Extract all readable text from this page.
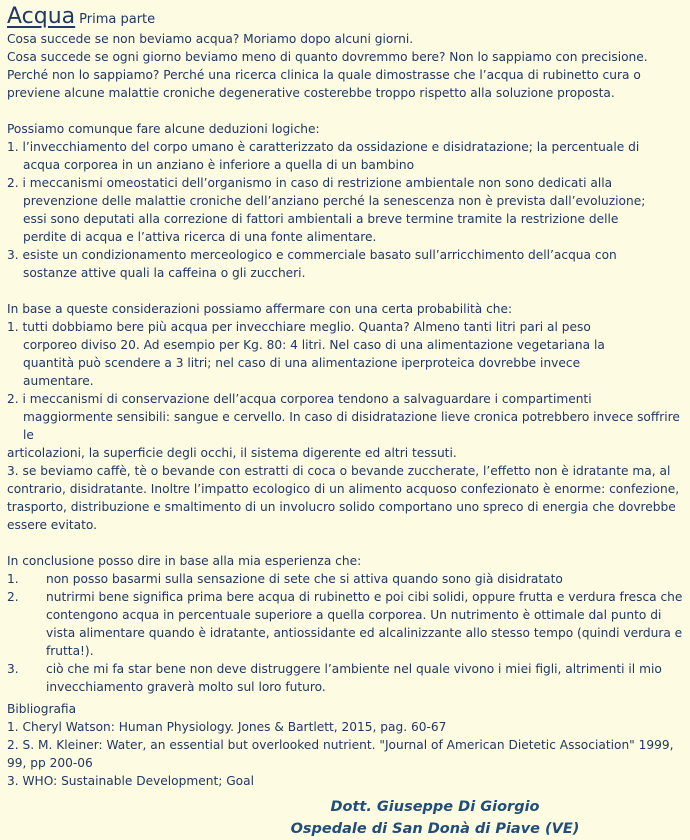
Acqua Prima parte

Cosa succede se non beviamo acqua? Moriamo dopo alcuni giorni.

Cosa succede se ogni giorno beviamo meno di quanto dovremmo bere? Non lo sappiamo con precisione. Perché non lo sappiamo? Perché una ricerca clinica la quale dimostrasse che l’acqua di rubinetto cura o previene alcune malattie croniche degenerative costerebbe troppo rispetto alla soluzione proposta.

Possiamo comunque fare alcune deduzioni logiche:

1. l’invecchiamento del corpo umano è caratterizzato da ossidazione e disidratazione; la percentuale di

acqua corporea in un anziano è inferiore a quella di un bambino

2. i meccanismi omeostatici dell’organismo in caso di restrizione ambientale non sono dedicati alla

prevenzione delle malattie croniche dell’anziano perché la senescenza non è prevista dall’evoluzione;

essi sono deputati alla correzione di fattori ambientali a breve termine tramite la restrizione delle

perdite di acqua e l’attiva ricerca di una fonte alimentare.

3. esiste un condizionamento merceologico e commerciale basato sull’arricchimento dell’acqua con

sostanze attive quali la caffeina o gli zuccheri.

In base a queste considerazioni possiamo affermare con una certa probabilità che:

1. tutti dobbiamo bere più acqua per invecchiare meglio. Quanta? Almeno tanti litri pari al peso

corporeo diviso 20. Ad esempio per Kg. 80: 4 litri. Nel caso di una alimentazione vegetariana la

quantità può scendere a 3 litri; nel caso di una alimentazione iperproteica dovrebbe invece

aumentare.

2. i meccanismi di conservazione dell’acqua corporea tendono a salvaguardare i compartimenti

maggiormente sensibili: sangue e cervello. In caso di disidratazione lieve cronica potrebbero invece soffrire le

articolazioni, la superficie degli occhi, il sistema digerente ed altri tessuti.

3. se beviamo caffè, tè o bevande con estratti di coca o bevande zuccherate, l’effetto non è idratante ma, al contrario, disidratante. Inoltre l’impatto ecologico di un alimento acquoso confezionato è enorme: confezione, trasporto, distribuzione e smaltimento di un involucro solido comportano uno spreco di energia che dovrebbe essere evitato.

In conclusione posso dire in base alla mia esperienza che:

1.	non posso basarmi sulla sensazione di sete che si attiva quando sono già disidratato
2.	nutrirmi bene significa prima bere acqua di rubinetto e poi cibi solidi, oppure frutta e verdura fresca che contengono acqua in percentuale superiore a quella corporea. Un nutrimento è ottimale dal punto di vista alimentare quando è idratante, antiossidante ed alcalinizzante allo stesso tempo (quindi verdura e frutta!).
3.	ciò che mi fa star bene non deve distruggere l’ambiente nel quale vivono i miei figli, altrimenti il mio invecchiamento graverà molto sul loro futuro.

Bibliografia

1. Cheryl Watson: Human Physiology. Jones & Bartlett, 2015, pag. 60-67

2. S. M. Kleiner: Water, an essential but overlooked nutrient. "Journal of American Dietetic Association" 1999, 99, pp 200-06

3. WHO: Sustainable Development; Goal

Dott. Giuseppe Di Giorgio
Ospedale di San Donà di Piave (VE)
